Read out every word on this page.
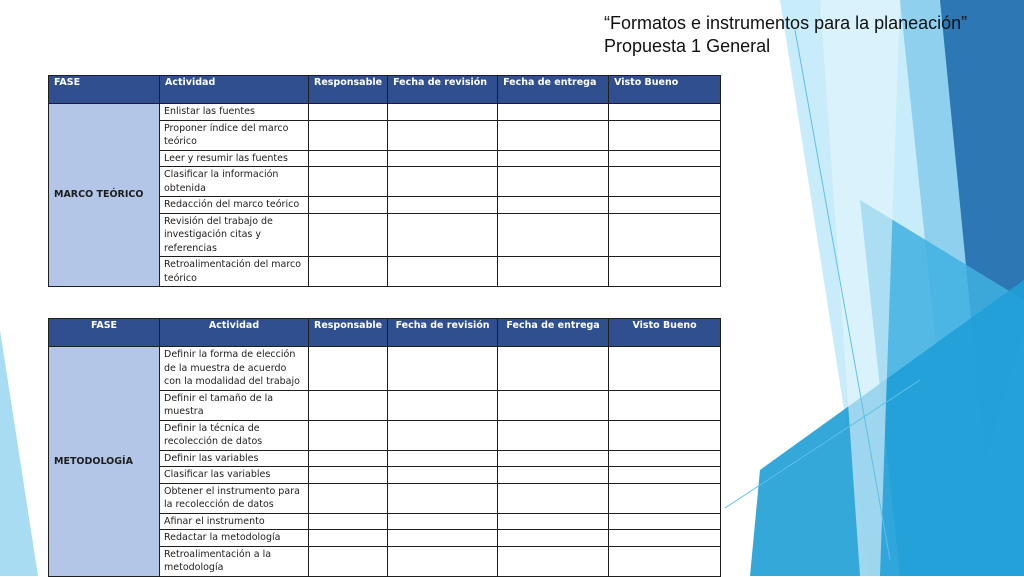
“Formatos e instrumentos para la planeación”
Propuesta 1 General
FASE	Actividad	Responsable	Fecha de revisión	Fecha de entrega	Visto Bueno
MARCO TEÓRICO	Enlistar las fuentes				
	Proponer índice del marco teórico				
	Leer y resumir las fuentes				
	Clasificar la información obtenida				
	Redacción del marco teórico				
	Revisión del trabajo de investigación citas y referencias				
	Retroalimentación del marco teórico				
FASE	Actividad	Responsable	Fecha de revisión	Fecha de entrega	Visto Bueno
METODOLOGÍA	Definir la forma de elección de la muestra de acuerdo con la modalidad del trabajo				
	Definir el tamaño de la muestra				
	Definir la técnica de recolección de datos				
	Definir las variables				
	Clasificar las variables				
	Obtener el instrumento para la recolección de datos				
	Afinar el instrumento				
	Redactar la metodología				
	Retroalimentación a la metodología				
